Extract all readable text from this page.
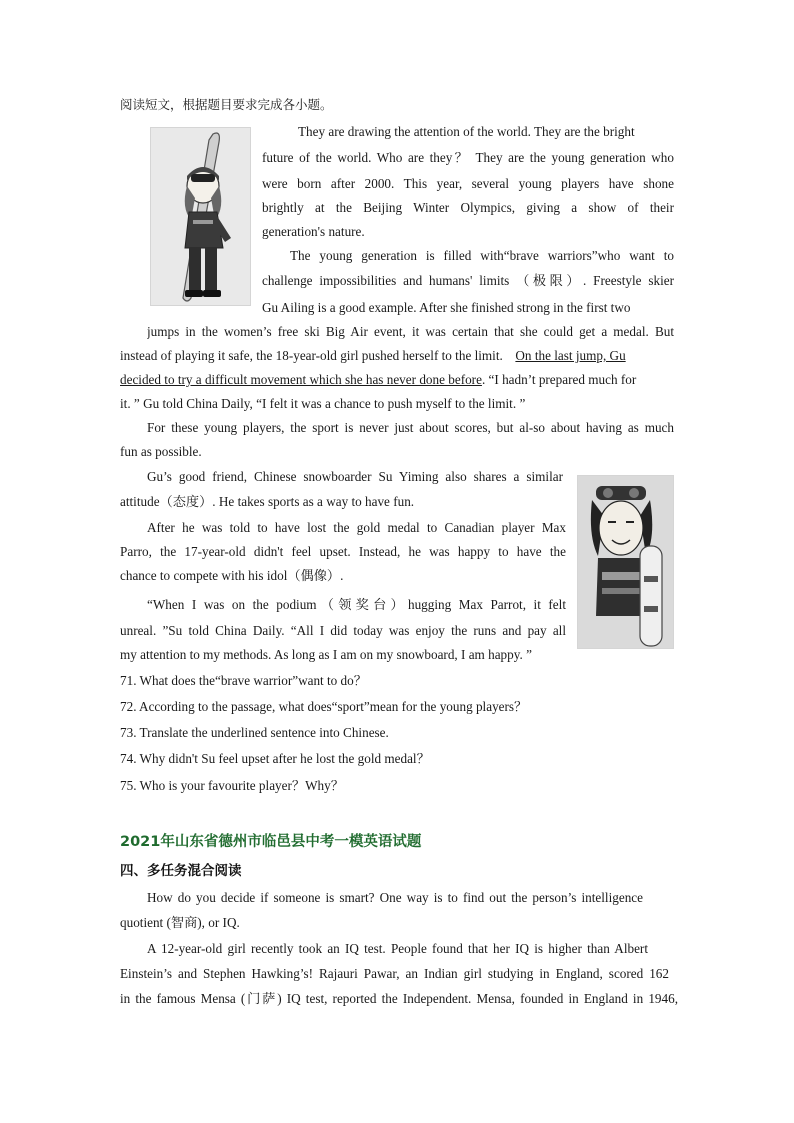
阅读短文，根据题目要求完成各小题。
They are drawing the attention of the world. They are the bright
future of the world. Who are they？ They are the young generation who
were born after 2000. This year, several young players have shone
brightly at the Beijing Winter Olympics, giving a show of their
generation's nature.
The young generation is filled with“brave warriors”who want to
challenge impossibilities and humans' limits （极限）. Freestyle skier
Gu Ailing is a good example. After she finished strong in the first two
jumps in the women’s free ski Big Air event, it was certain that she could get a medal. But
instead of playing it safe, the 18-year-old girl pushed herself to the limit. On the last jump, Gu
decided to try a difficult movement which she has never done before. “I hadn’t prepared much for
it. ” Gu told China Daily, “I felt it was a chance to push myself to the limit. ”
For these young players, the sport is never just about scores, but al-so about having as much
fun as possible.
Gu’s good friend, Chinese snowboarder Su Yiming also shares a similar
attitude（态度）. He takes sports as a way to have fun.
After he was told to have lost the gold medal to Canadian player Max
Parro, the 17-year-old didn't feel upset. Instead, he was happy to have the
chance to compete with his idol（偶像）.
“When I was on the podium（领奖台）hugging Max Parrot, it felt
unreal. ”Su told China Daily. “All I did today was enjoy the runs and pay all
my attention to my methods. As long as I am on my snowboard, I am happy. ”
71. What does the“brave warrior”want to do？
72. According to the passage, what does“sport”mean for the young players？
73. Translate the underlined sentence into Chinese.
74. Why didn't Su feel upset after he lost the gold medal？
75. Who is your favourite player？Why？
2021年山东省德州市临邑县中考一模英语试题
四、多任务混合阅读
How do you decide if someone is smart? One way is to find out the person’s intelligence
quotient (智商), or IQ.
A 12-year-old girl recently took an IQ test. People found that her IQ is higher than Albert
Einstein’s and Stephen Hawking’s! Rajauri Pawar, an Indian girl studying in England, scored 162
in the famous Mensa (门萨) IQ test, reported the Independent. Mensa, founded in England in 1946,
